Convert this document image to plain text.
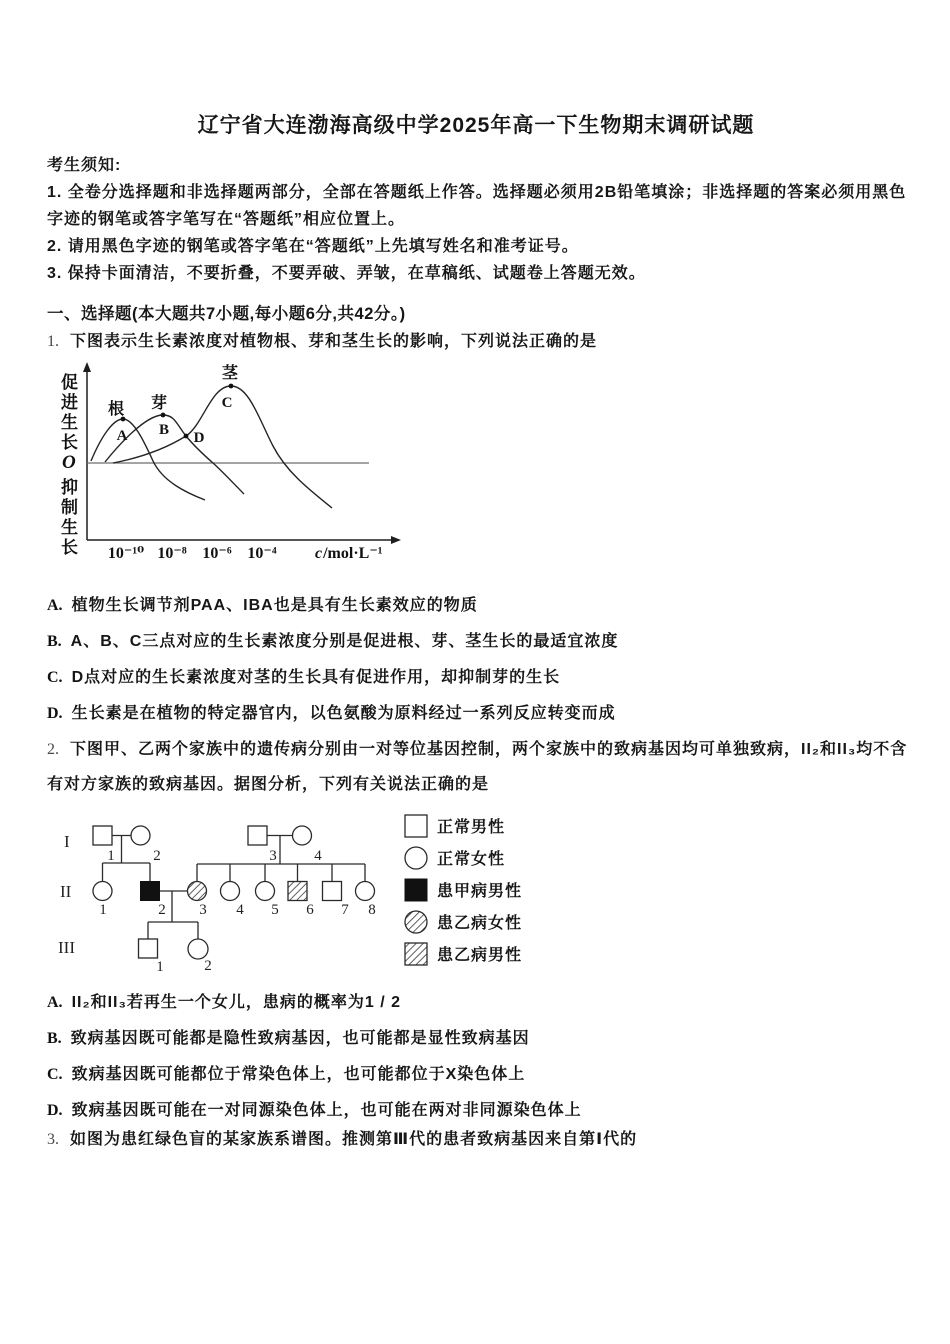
辽宁省大连渤海高级中学2025年高一下生物期末调研试题

考生须知:

1. 全卷分选择题和非选择题两部分，全部在答题纸上作答。选择题必须用2B铅笔填涂；非选择题的答案必须用黑色

字迹的钢笔或答字笔写在“答题纸”相应位置上。

2. 请用黑色字迹的钢笔或答字笔在“答题纸”上先填写姓名和准考证号。

3. 保持卡面清洁，不要折叠，不要弄破、弄皱，在草稿纸、试题卷上答题无效。

一、选择题(本大题共7小题,每小题6分,共42分。)

1. 下图表示生长素浓度对植物根、芽和茎生长的影响，下列说法正确的是

促进生长
O
抑制生长
根 芽
茎
A B
C
D
10⁻¹⁰ 10⁻⁸ 10⁻⁶ 10⁻⁴ c/mol·L⁻¹

A. 植物生长调节剂PAA、IBA也是具有生长素效应的物质

B. A、B、C三点对应的生长素浓度分别是促进根、芽、茎生长的最适宜浓度

C. D点对应的生长素浓度对茎的生长具有促进作用，却抑制芽的生长

D. 生长素是在植物的特定器官内，以色氨酸为原料经过一系列反应转变而成

2. 下图甲、乙两个家族中的遗传病分别由一对等位基因控制，两个家族中的致病基因均可单独致病，II₂和II₃均不含

有对方家族的致病基因。据图分析，下列有关说法正确的是

I
II
III
1	2	3	4
1	2 3 4 5 6 7 8
1	2
正常男性
正常女性
患甲病男性
患乙病女性
患乙病男性

A. II₂和II₃若再生一个女儿，患病的概率为1 / 2

B. 致病基因既可能都是隐性致病基因，也可能都是显性致病基因

C. 致病基因既可能都位于常染色体上，也可能都位于X染色体上

D. 致病基因既可能在一对同源染色体上，也可能在两对非同源染色体上

3. 如图为患红绿色盲的某家族系谱图。推测第Ⅲ代的患者致病基因来自第Ⅰ代的
